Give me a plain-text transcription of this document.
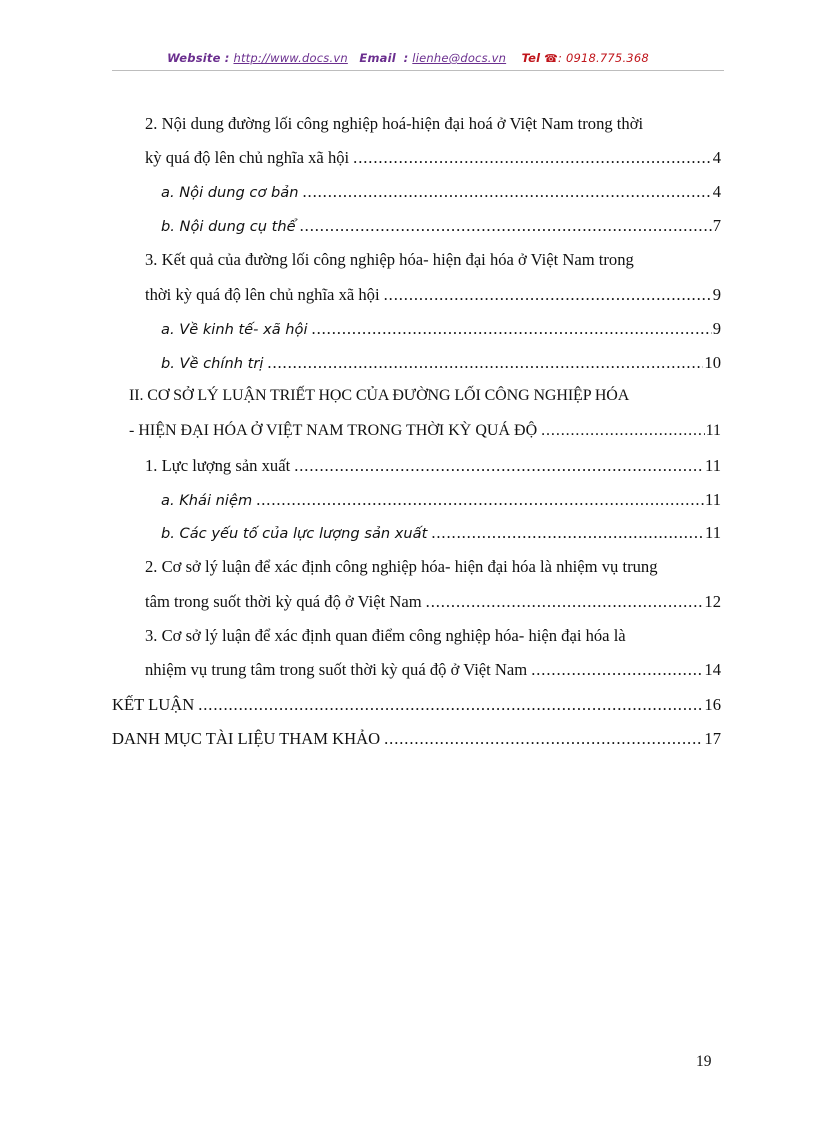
Website : http://www.docs.vn Email : lienhe@docs.vn Tel ☎: 0918.775.368
2. Nội dung đường lối công nghiệp hoá-hiện đại hoá ở Việt Nam trong thời
kỳ quá độ lên chủ nghĩa xã hội .....	4
a. Nội dung cơ bản .....	4
b. Nội dung cụ thể .....	7
3. Kết quả của đường lối công nghiệp hóa- hiện đại hóa ở Việt Nam trong
thời kỳ quá độ lên chủ nghĩa xã hội .....	9
a. Về kinh tế- xã hội .....	9
b. Về chính trị .....	10
II. CƠ SỞ LÝ LUẬN TRIẾT HỌC CỦA ĐƯỜNG LỐI CÔNG NGHIỆP HÓA
- HIỆN ĐẠI HÓA Ở VIỆT NAM TRONG THỜI KỲ QUÁ ĐỘ .....	11
1. Lực lượng sản xuất .....	11
a. Khái niệm .....	11
b. Các yếu tố của lực lượng sản xuất .....	11
2. Cơ sở lý luận để xác định công nghiệp hóa- hiện đại hóa là nhiệm vụ trung
tâm trong suốt thời kỳ quá độ ở Việt Nam .....	12
3. Cơ sở lý luận để xác định quan điểm công nghiệp hóa- hiện đại hóa là
nhiệm vụ trung tâm trong suốt thời kỳ quá độ ở Việt Nam .....	14
KẾT LUẬN .....	16
DANH MỤC TÀI LIỆU THAM KHẢO .....	17
19
